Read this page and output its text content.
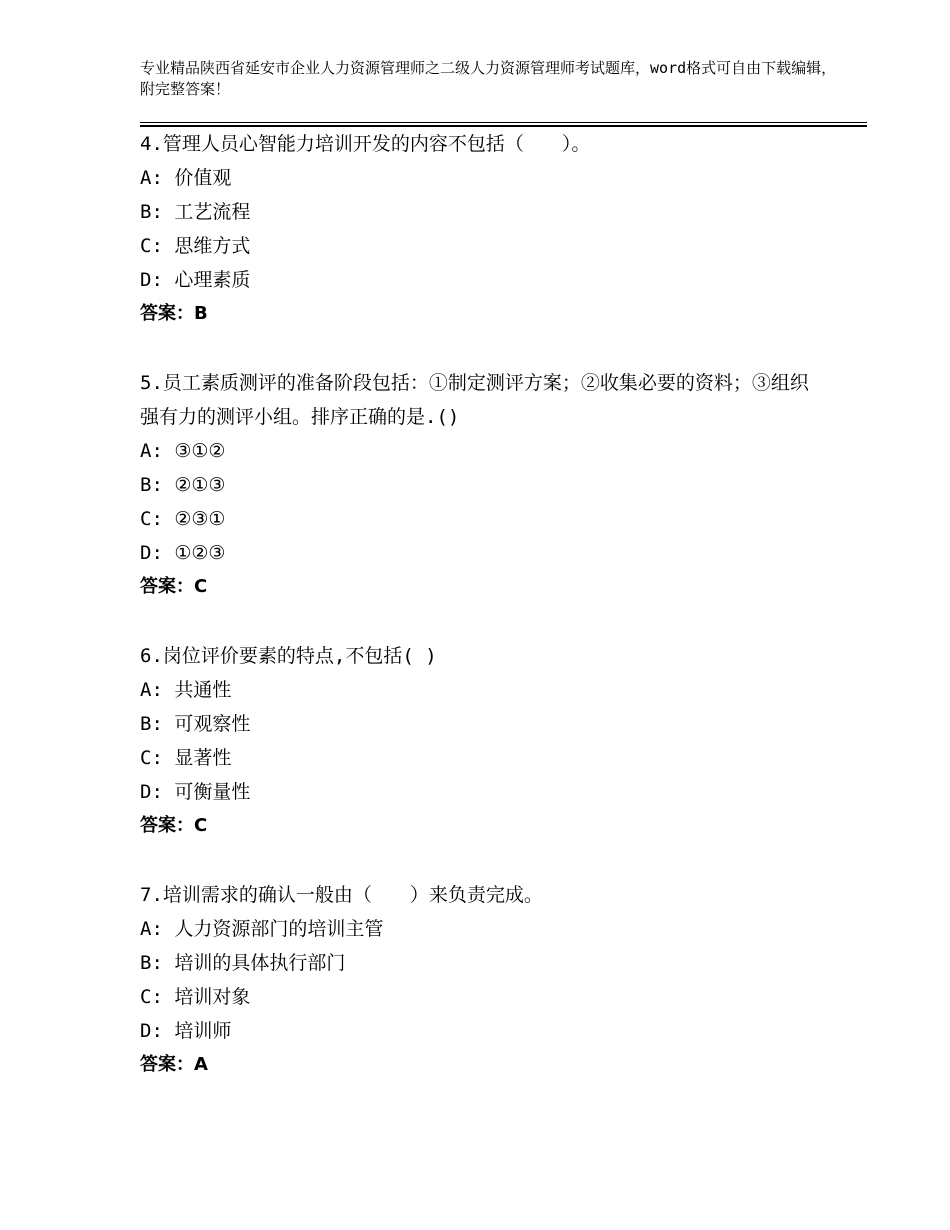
专业精品陕西省延安市企业人力资源管理师之二级人力资源管理师考试题库，word格式可自由下载编辑，附完整答案！

4.管理人员心智能力培训开发的内容不包括（　　）。

A: 价值观

B: 工艺流程

C: 思维方式

D: 心理素质

答案：B

5.员工素质测评的准备阶段包括：①制定测评方案；②收集必要的资料；③组织强有力的测评小组。排序正确的是.()

A: ③①②

B: ②①③

C: ②③①

D: ①②③

答案：C

6.岗位评价要素的特点,不包括( )

A: 共通性

B: 可观察性

C: 显著性

D: 可衡量性

答案：C

7.培训需求的确认一般由（　　）来负责完成。

A: 人力资源部门的培训主管

B: 培训的具体执行部门

C: 培训对象

D: 培训师

答案：A
